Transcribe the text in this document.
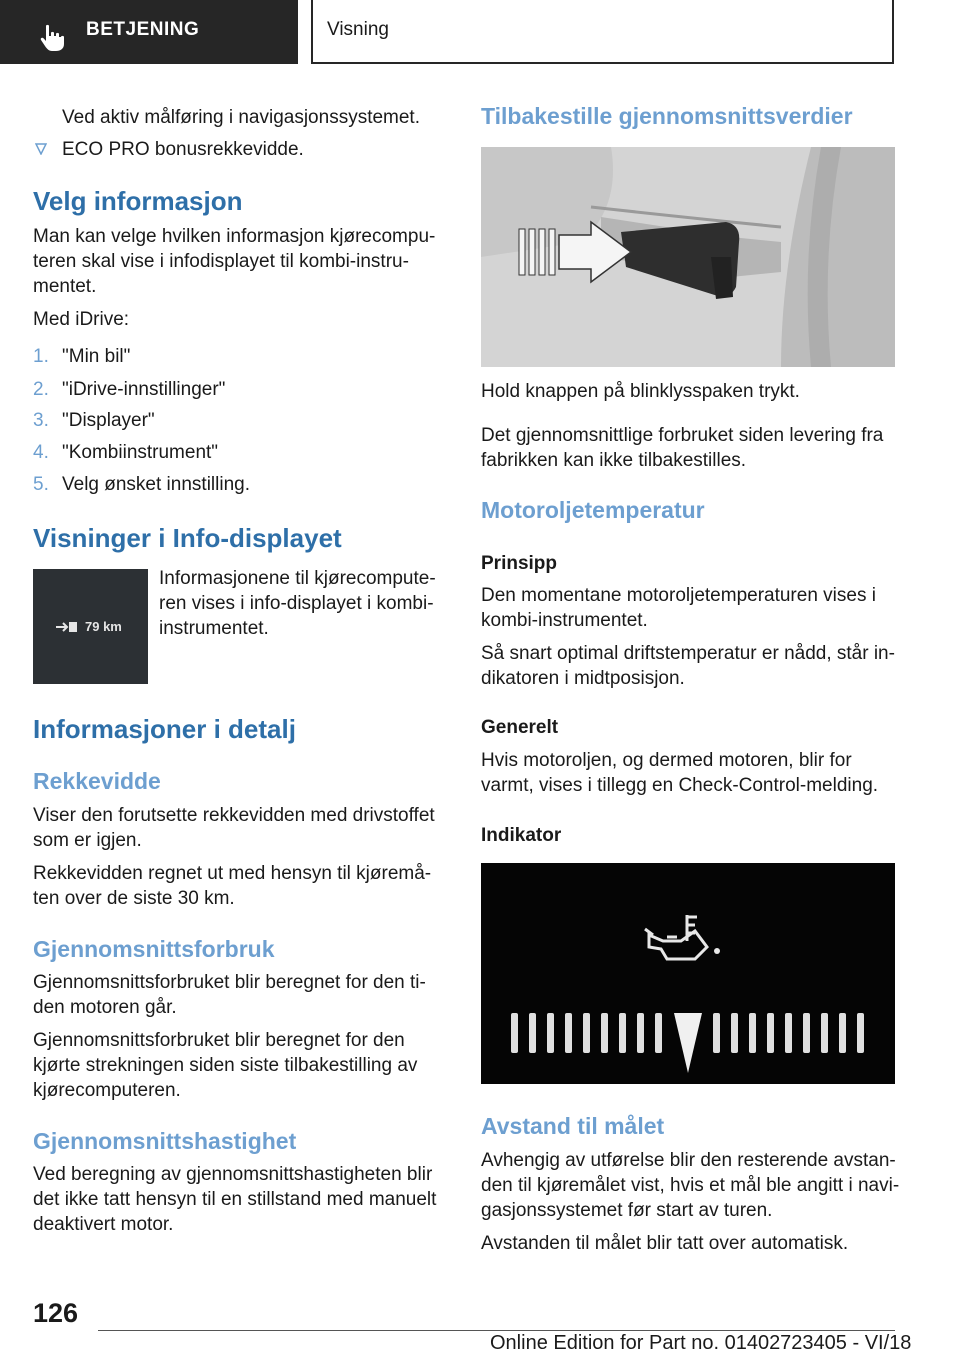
BETJENING	Visning

Ved aktiv målføring i navigasjonssystemet.

ECO PRO bonusrekkevidde.

Velg informasjon

Man kan velge hvilken informasjon kjørecompu-

teren skal vise i infodisplayet til kombi-instru-

mentet.

Med iDrive:

1. "Min bil"

2. "iDrive-innstillinger"

3. "Displayer"

4. "Kombiinstrument"

5. Velg ønsket innstilling.

Visninger i Info-displayet
79 km

Informasjonene til kjørecompute-

ren vises i info-displayet i kombi-

instrumentet.

Informasjoner i detalj
Rekkevidde

Viser den forutsette rekkevidden med drivstoffet

som er igjen.

Rekkevidden regnet ut med hensyn til kjøremå-

ten over de siste 30 km.

Gjennomsnittsforbruk

Gjennomsnittsforbruket blir beregnet for den ti-

den motoren går.

Gjennomsnittsforbruket blir beregnet for den

kjørte strekningen siden siste tilbakestilling av

kjørecomputeren.

Gjennomsnittshastighet

Ved beregning av gjennomsnittshastigheten blir

det ikke tatt hensyn til en stillstand med manuelt

deaktivert motor.

Tilbakestille gjennomsnittsverdier

Hold knappen på blinklysspaken trykt.

Det gjennomsnittlige forbruket siden levering fra

fabrikken kan ikke tilbakestilles.

Motoroljetemperatur
Prinsipp

Den momentane motoroljetemperaturen vises i

kombi-instrumentet.

Så snart optimal driftstemperatur er nådd, står in-

dikatoren i midtposisjon.

Generelt

Hvis motoroljen, og dermed motoren, blir for

varmt, vises i tillegg en Check-Control-melding.

Indikator
Avstand til målet

Avhengig av utførelse blir den resterende avstan-

den til kjøremålet vist, hvis et mål ble angitt i navi-

gasjonssystemet før start av turen.

Avstanden til målet blir tatt over automatisk.

126
Online Edition for Part no. 01402723405 - VI/18
